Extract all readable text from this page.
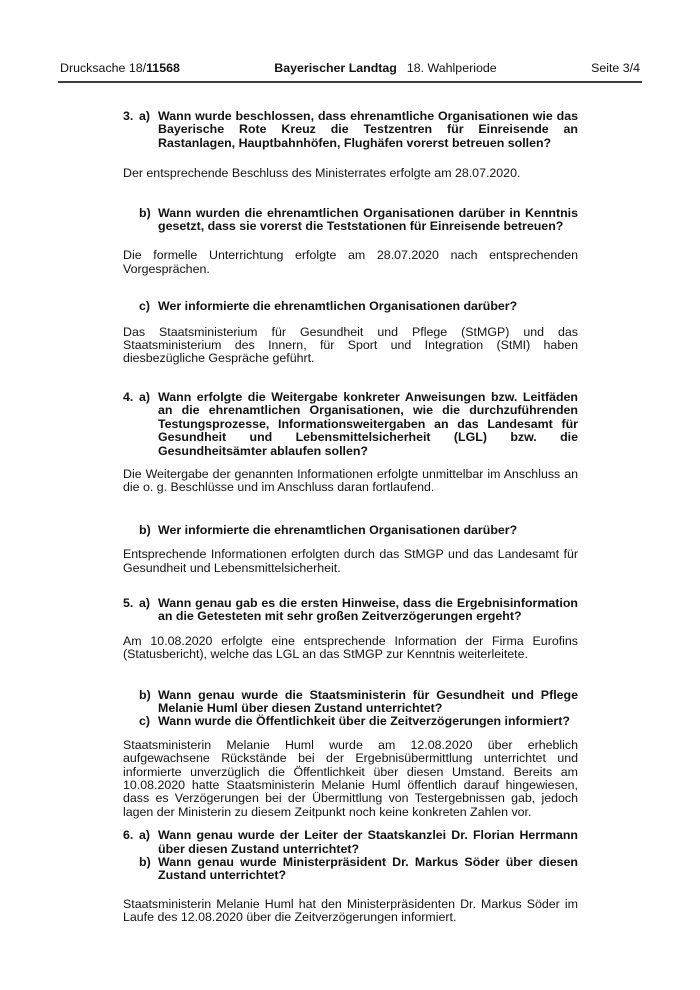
Drucksache 18/11568	Bayerischer Landtag 18. Wahlperiode	Seite 3/4
3. a) Wann wurde beschlossen, dass ehrenamtliche Organisationen wie das Bayerische Rote Kreuz die Testzentren für Einreisende an Rastanlagen, Hauptbahnhöfen, Flughäfen vorerst betreuen sollen?

Der entsprechende Beschluss des Ministerrates erfolgte am 28.07.2020.

b) Wann wurden die ehrenamtlichen Organisationen darüber in Kenntnis gesetzt, dass sie vorerst die Teststationen für Einreisende betreuen?

Die formelle Unterrichtung erfolgte am 28.07.2020 nach entsprechenden Vorgesprächen.

c) Wer informierte die ehrenamtlichen Organisationen darüber?

Das Staatsministerium für Gesundheit und Pflege (StMGP) und das Staatsministerium des Innern, für Sport und Integration (StMI) haben diesbezügliche Gespräche geführt.

4. a) Wann erfolgte die Weitergabe konkreter Anweisungen bzw. Leitfäden an die ehrenamtlichen Organisationen, wie die durchzuführenden Testungsprozesse, Informationsweitergaben an das Landesamt für Gesundheit und Lebensmittelsicherheit (LGL) bzw. die Gesundheitsämter ablaufen sollen?

Die Weitergabe der genannten Informationen erfolgte unmittelbar im Anschluss an die o. g. Beschlüsse und im Anschluss daran fortlaufend.

b) Wer informierte die ehrenamtlichen Organisationen darüber?

Entsprechende Informationen erfolgten durch das StMGP und das Landesamt für Gesundheit und Lebensmittelsicherheit.

5. a) Wann genau gab es die ersten Hinweise, dass die Ergebnisinformation an die Getesteten mit sehr großen Zeitverzögerungen ergeht?

Am 10.08.2020 erfolgte eine entsprechende Information der Firma Eurofins (Statusbericht), welche das LGL an das StMGP zur Kenntnis weiterleitete.

b) Wann genau wurde die Staatsministerin für Gesundheit und Pflege Melanie Huml über diesen Zustand unterrichtet?
c) Wann wurde die Öffentlichkeit über die Zeitverzögerungen informiert?

Staatsministerin Melanie Huml wurde am 12.08.2020 über erheblich aufgewachsene Rückstände bei der Ergebnisübermittlung unterrichtet und informierte unverzüglich die Öffentlichkeit über diesen Umstand. Bereits am 10.08.2020 hatte Staatsministerin Melanie Huml öffentlich darauf hingewiesen, dass es Verzögerungen bei der Übermittlung von Testergebnissen gab, jedoch lagen der Ministerin zu diesem Zeitpunkt noch keine konkreten Zahlen vor.

6. a) Wann genau wurde der Leiter der Staatskanzlei Dr. Florian Herrmann über diesen Zustand unterrichtet?
b) Wann genau wurde Ministerpräsident Dr. Markus Söder über diesen Zustand unterrichtet?

Staatsministerin Melanie Huml hat den Ministerpräsidenten Dr. Markus Söder im Laufe des 12.08.2020 über die Zeitverzögerungen informiert.
